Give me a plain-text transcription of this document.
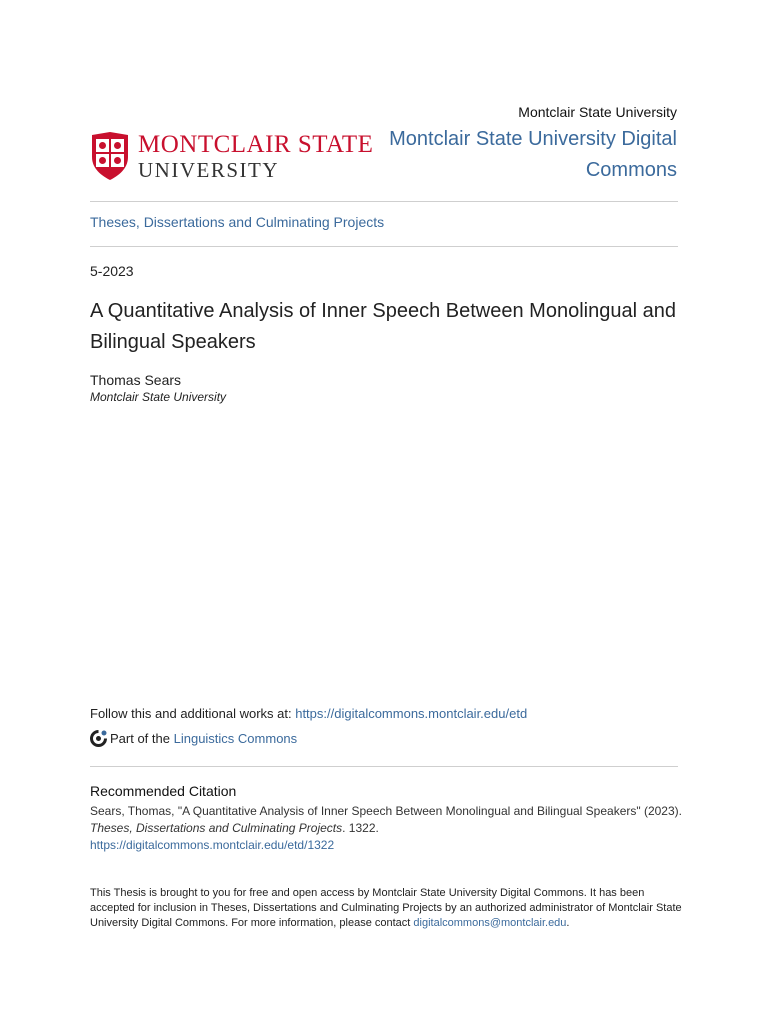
Montclair State University
MONTCLAIR STATE
UNIVERSITY
Montclair State University Digital Commons
Theses, Dissertations and Culminating Projects
5-2023
A Quantitative Analysis of Inner Speech Between Monolingual and Bilingual Speakers
Thomas Sears
Montclair State University
Follow this and additional works at: https://digitalcommons.montclair.edu/etd
Part of the
Linguistics Commons
Recommended Citation
Sears, Thomas, "A Quantitative Analysis of Inner Speech Between Monolingual and Bilingual Speakers" (2023). Theses, Dissertations and Culminating Projects. 1322.
https://digitalcommons.montclair.edu/etd/1322
This Thesis is brought to you for free and open access by Montclair State University Digital Commons. It has been accepted for inclusion in Theses, Dissertations and Culminating Projects by an authorized administrator of Montclair State University Digital Commons. For more information, please contact digitalcommons@montclair.edu.
